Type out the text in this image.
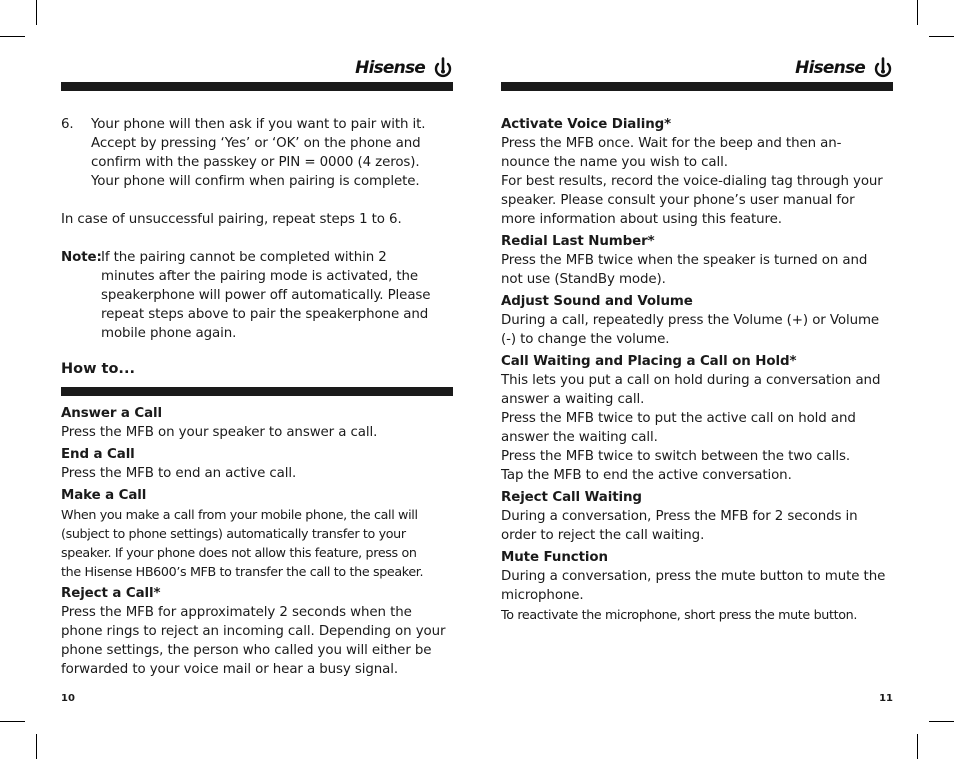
Hisense
6.	Your phone will then ask if you want to pair with it.

Accept by pressing ‘Yes’ or ‘OK’ on the phone and

confirm with the passkey or PIN = 0000 (4 zeros).

Your phone will confirm when pairing is complete.

In case of unsuccessful pairing, repeat steps 1 to 6.

Note: If the pairing cannot be completed within 2

minutes after the pairing mode is activated, the

speakerphone will power off automatically. Please

repeat steps above to pair the speakerphone and

mobile phone again.

How to...

Answer a Call

Press the MFB on your speaker to answer a call.

End a Call

Press the MFB to end an active call.

Make a Call

When you make a call from your mobile phone, the call will

(subject to phone settings) automatically transfer to your

speaker. If your phone does not allow this feature, press on

the Hisense HB600’s MFB to transfer the call to the speaker.

Reject a Call*

Press the MFB for approximately 2 seconds when the

phone rings to reject an incoming call. Depending on your

phone settings, the person who called you will either be

forwarded to your voice mail or hear a busy signal.

10
Hisense

Activate Voice Dialing*

Press the MFB once. Wait for the beep and then an-

nounce the name you wish to call.

For best results, record the voice-dialing tag through your

speaker. Please consult your phone’s user manual for

more information about using this feature.

Redial Last Number*

Press the MFB twice when the speaker is turned on and

not use (StandBy mode).

Adjust Sound and Volume

During a call, repeatedly press the Volume (+) or Volume

(-) to change the volume.

Call Waiting and Placing a Call on Hold*

This lets you put a call on hold during a conversation and

answer a waiting call.

Press the MFB twice to put the active call on hold and

answer the waiting call.

Press the MFB twice to switch between the two calls.

Tap the MFB to end the active conversation.

Reject Call Waiting

During a conversation, Press the MFB for 2 seconds in

order to reject the call waiting.

Mute Function

During a conversation, press the mute button to mute the

microphone.

To reactivate the microphone, short press the mute button.

11
